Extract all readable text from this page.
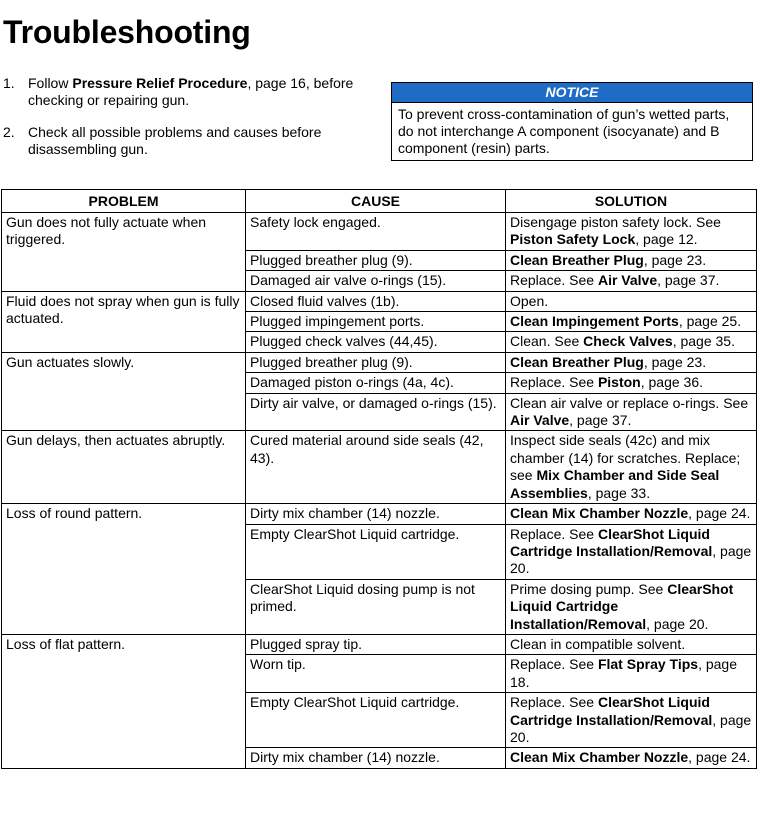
Troubleshooting
1. Follow Pressure Relief Procedure, page 16, before checking or repairing gun.
2. Check all possible problems and causes before disassembling gun.
NOTICE
To prevent cross-contamination of gun’s wetted parts, do not interchange A component (isocyanate) and B component (resin) parts.
PROBLEM	CAUSE	SOLUTION
Gun does not fully actuate when triggered.	Safety lock engaged.	Disengage piston safety lock. See Piston Safety Lock, page 12.
	Plugged breather plug (9).	Clean Breather Plug, page 23.
	Damaged air valve o-rings (15).	Replace. See Air Valve, page 37.
Fluid does not spray when gun is fully actuated.	Closed fluid valves (1b).	Open.
	Plugged impingement ports.	Clean Impingement Ports, page 25.
	Plugged check valves (44,45).	Clean. See Check Valves, page 35.
Gun actuates slowly.	Plugged breather plug (9).	Clean Breather Plug, page 23.
	Damaged piston o-rings (4a, 4c).	Replace. See Piston, page 36.
	Dirty air valve, or damaged o-rings (15).	Clean air valve or replace o-rings. See Air Valve, page 37.
Gun delays, then actuates abruptly.	Cured material around side seals (42, 43).	Inspect side seals (42c) and mix chamber (14) for scratches. Replace; see Mix Chamber and Side Seal Assemblies, page 33.
Loss of round pattern.	Dirty mix chamber (14) nozzle.	Clean Mix Chamber Nozzle, page 24.
	Empty ClearShot Liquid cartridge.	Replace. See ClearShot Liquid Cartridge Installation/Removal, page 20.
	ClearShot Liquid dosing pump is not primed.	Prime dosing pump. See ClearShot Liquid Cartridge Installation/Removal, page 20.
Loss of flat pattern.	Plugged spray tip.	Clean in compatible solvent.
	Worn tip.	Replace. See Flat Spray Tips, page 18.
	Empty ClearShot Liquid cartridge.	Replace. See ClearShot Liquid Cartridge Installation/Removal, page 20.
	Dirty mix chamber (14) nozzle.	Clean Mix Chamber Nozzle, page 24.
